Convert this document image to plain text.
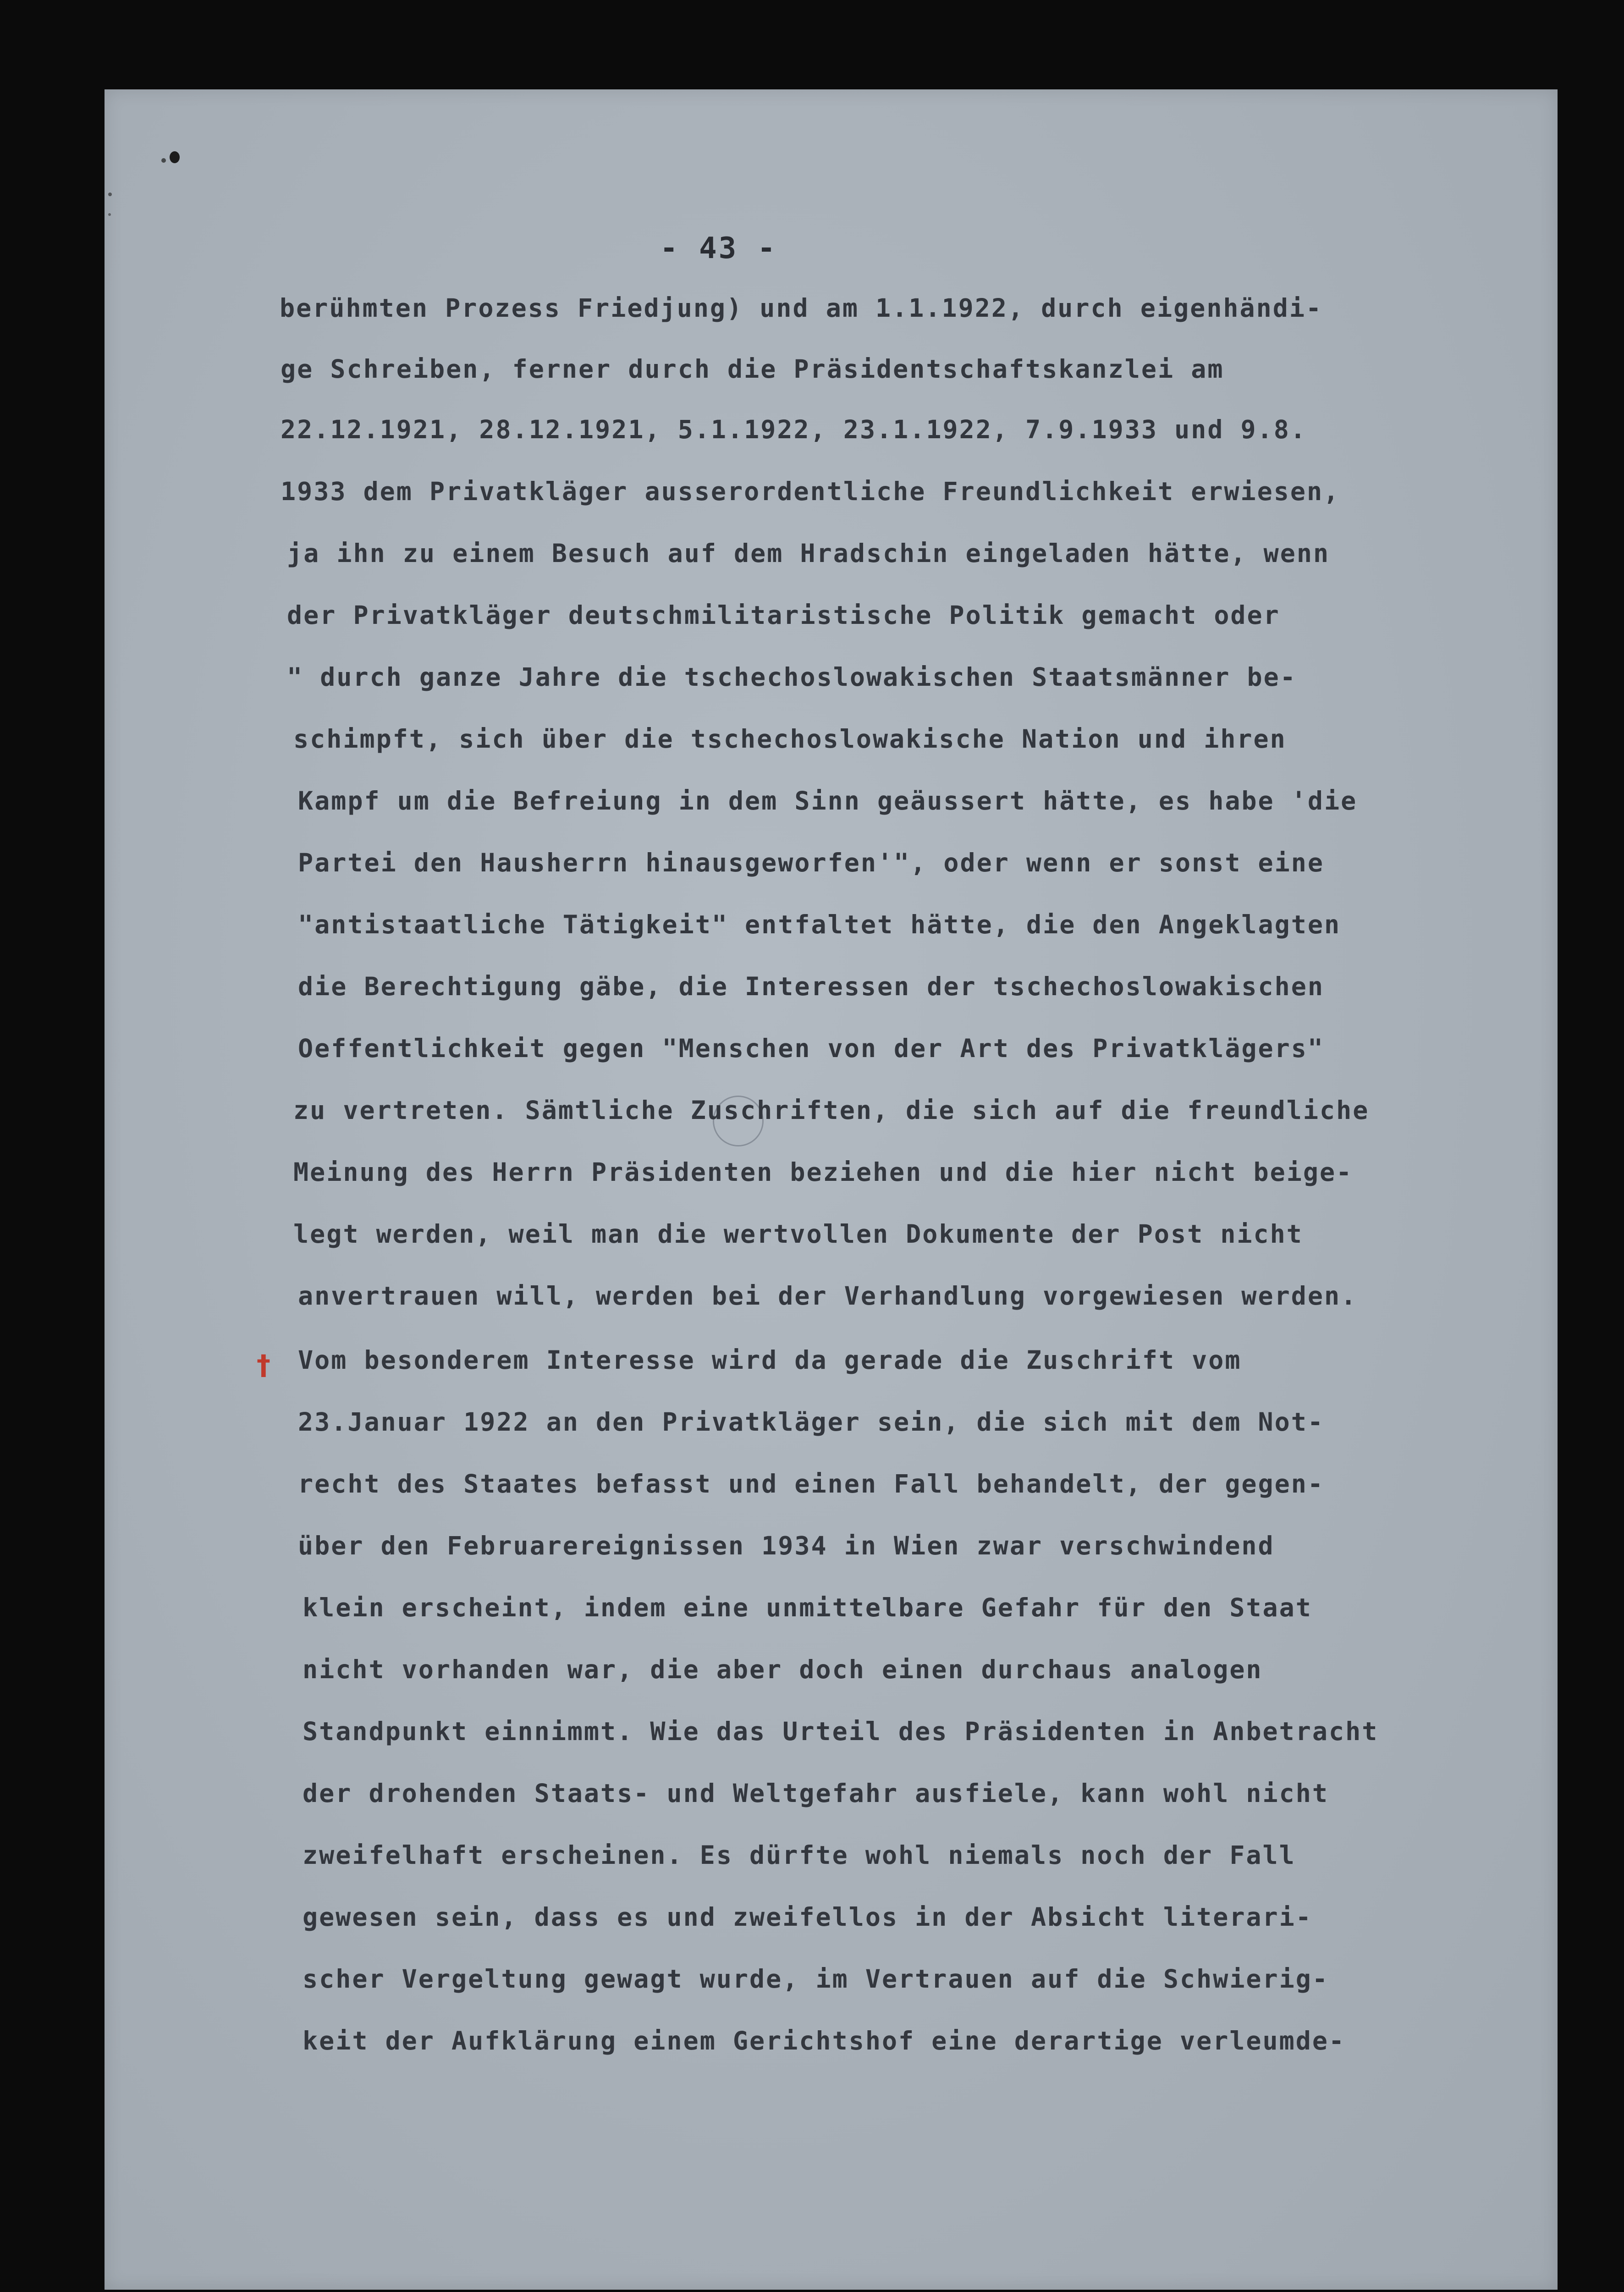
- 43 -
†
berühmten Prozess Friedjung) und am 1.1.1922, durch eigenhändi-
ge Schreiben, ferner durch die Präsidentschaftskanzlei am
22.12.1921, 28.12.1921, 5.1.1922, 23.1.1922, 7.9.1933 und 9.8.
1933 dem Privatkläger ausserordentliche Freundlichkeit erwiesen,
ja ihn zu einem Besuch auf dem Hradschin eingeladen hätte, wenn
der Privatkläger deutschmilitaristische Politik gemacht oder
" durch ganze Jahre die tschechoslowakischen Staatsmänner be-
schimpft, sich über die tschechoslowakische Nation und ihren
Kampf um die Befreiung in dem Sinn geäussert hätte, es habe 'die
Partei den Hausherrn hinausgeworfen'", oder wenn er sonst eine
"antistaatliche Tätigkeit" entfaltet hätte, die den Angeklagten
die Berechtigung gäbe, die Interessen der tschechoslowakischen
Oeffentlichkeit gegen "Menschen von der Art des Privatklägers"
zu vertreten. Sämtliche Zuschriften, die sich auf die freundliche
Meinung des Herrn Präsidenten beziehen und die hier nicht beige-
legt werden, weil man die wertvollen Dokumente der Post nicht
anvertrauen will, werden bei der Verhandlung vorgewiesen werden.
Vom besonderem Interesse wird da gerade die Zuschrift vom
23.Januar 1922 an den Privatkläger sein, die sich mit dem Not-
recht des Staates befasst und einen Fall behandelt, der gegen-
über den Februarereignissen 1934 in Wien zwar verschwindend
klein erscheint, indem eine unmittelbare Gefahr für den Staat
nicht vorhanden war, die aber doch einen durchaus analogen
Standpunkt einnimmt. Wie das Urteil des Präsidenten in Anbetracht
der drohenden Staats- und Weltgefahr ausfiele, kann wohl nicht
zweifelhaft erscheinen. Es dürfte wohl niemals noch der Fall
gewesen sein, dass es und zweifellos in der Absicht literari-
scher Vergeltung gewagt wurde, im Vertrauen auf die Schwierig-
keit der Aufklärung einem Gerichtshof eine derartige verleumde-
